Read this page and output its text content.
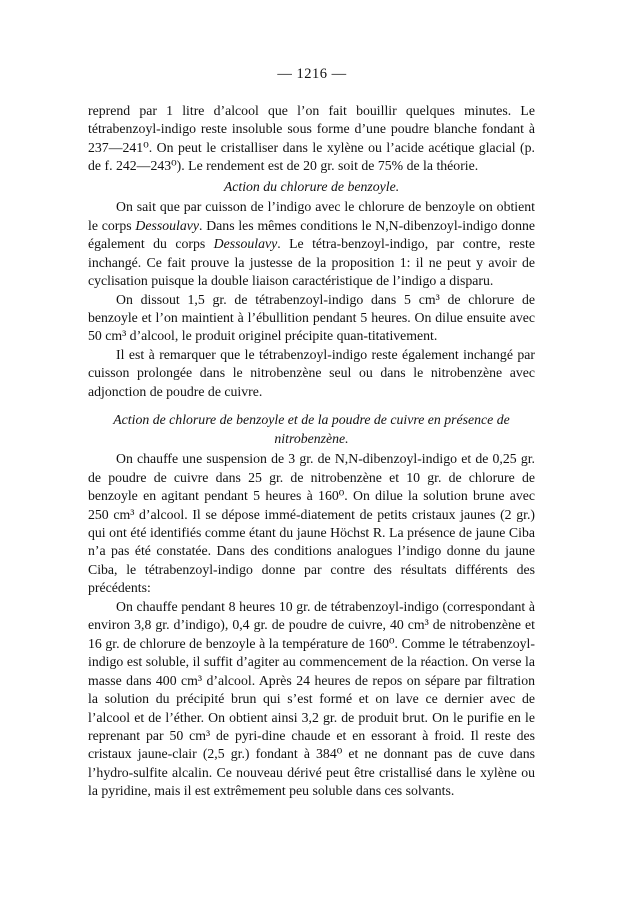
— 1216 —

reprend par 1 litre d’alcool que l’on fait bouillir quelques minutes. Le tétrabenzoyl-indigo reste insoluble sous forme d’une poudre blanche fondant à 237—241⁰. On peut le cristalliser dans le xylène ou l’acide acétique glacial (p. de f. 242—243⁰). Le rendement est de 20 gr. soit de 75% de la théorie.

Action du chlorure de benzoyle.

On sait que par cuisson de l’indigo avec le chlorure de benzoyle on obtient le corps Dessoulavy. Dans les mêmes conditions le N,N-dibenzoyl-indigo donne également du corps Dessoulavy. Le tétra-benzoyl-indigo, par contre, reste inchangé. Ce fait prouve la justesse de la proposition 1: il ne peut y avoir de cyclisation puisque la double liaison caractéristique de l’indigo a disparu.

On dissout 1,5 gr. de tétrabenzoyl-indigo dans 5 cm³ de chlorure de benzoyle et l’on maintient à l’ébullition pendant 5 heures. On dilue ensuite avec 50 cm³ d’alcool, le produit originel précipite quan-titativement.

Il est à remarquer que le tétrabenzoyl-indigo reste également inchangé par cuisson prolongée dans le nitrobenzène seul ou dans le nitrobenzène avec adjonction de poudre de cuivre.

Action de chlorure de benzoyle et de la poudre de cuivre en présence de nitrobenzène.

On chauffe une suspension de 3 gr. de N,N-dibenzoyl-indigo et de 0,25 gr. de poudre de cuivre dans 25 gr. de nitrobenzène et 10 gr. de chlorure de benzoyle en agitant pendant 5 heures à 160⁰. On dilue la solution brune avec 250 cm³ d’alcool. Il se dépose immé-diatement de petits cristaux jaunes (2 gr.) qui ont été identifiés comme étant du jaune Höchst R. La présence de jaune Ciba n’a pas été constatée. Dans des conditions analogues l’indigo donne du jaune Ciba, le tétrabenzoyl-indigo donne par contre des résultats différents des précédents:

On chauffe pendant 8 heures 10 gr. de tétrabenzoyl-indigo (correspondant à environ 3,8 gr. d’indigo), 0,4 gr. de poudre de cuivre, 40 cm³ de nitrobenzène et 16 gr. de chlorure de benzoyle à la température de 160⁰. Comme le tétrabenzoyl-indigo est soluble, il suffit d’agiter au commencement de la réaction. On verse la masse dans 400 cm³ d’alcool. Après 24 heures de repos on sépare par filtration la solution du précipité brun qui s’est formé et on lave ce dernier avec de l’alcool et de l’éther. On obtient ainsi 3,2 gr. de produit brut. On le purifie en le reprenant par 50 cm³ de pyri-dine chaude et en essorant à froid. Il reste des cristaux jaune-clair (2,5 gr.) fondant à 384⁰ et ne donnant pas de cuve dans l’hydro-sulfite alcalin. Ce nouveau dérivé peut être cristallisé dans le xylène ou la pyridine, mais il est extrêmement peu soluble dans ces solvants.
